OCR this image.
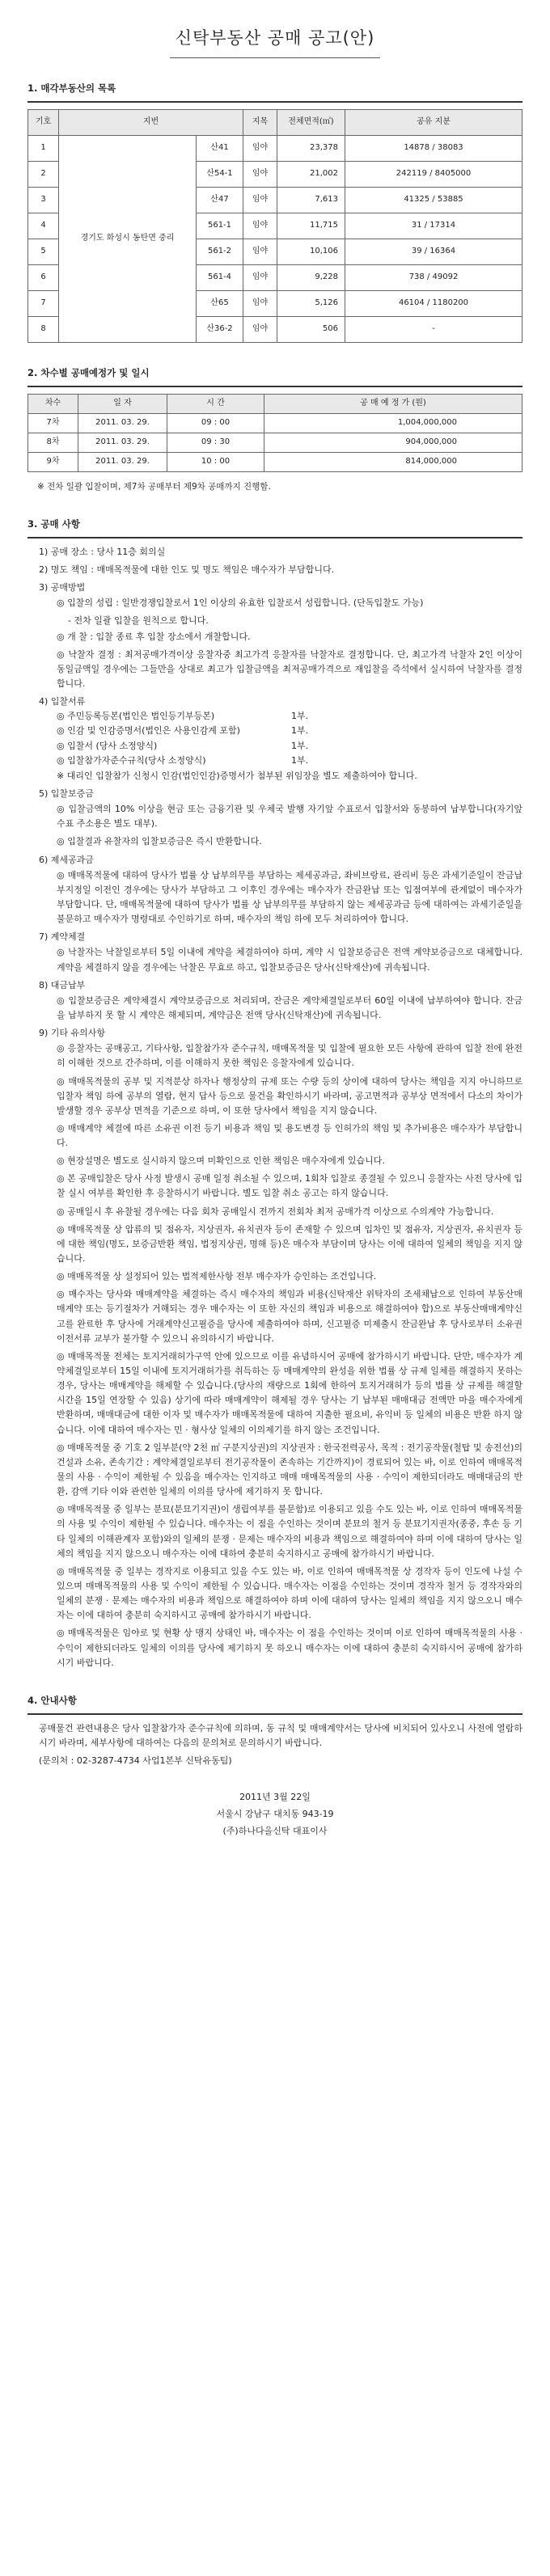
신탁부동산 공매 공고(안)
1. 매각부동산의 목록
기호	지번		지목	전체면적(㎡)	공유 지분
1	경기도 화성시 동탄면 중리	산41	임야	23,378	14878 / 38083
2		산54-1	임야	21,002	242119 / 8405000
3		산47	임야	7,613	41325 / 53885
4		561-1	임야	11,715	31 / 17314
5		561-2	임야	10,106	39 / 16364
6		561-4	임야	9,228	738 / 49092
7		산65	임야	5,126	46104 / 1180200
8		산36-2	임야	506	-
2. 차수별 공매예정가 및 일시
차수	일 자	시 간	공 매 예 정 가 (원)
7차	2011. 03. 29.	09 : 00	1,004,000,000
8차	2011. 03. 29.	09 : 30	904,000,000
9차	2011. 03. 29.	10 : 00	814,000,000
※ 전차 일괄 입찰이며, 제7차 공매부터 제9차 공매까지 진행함.
3. 공매 사항
1) 공매 장소 : 당사 11층 회의실
2) 명도 책임 : 매매목적물에 대한 인도 및 명도 책임은 매수자가 부담합니다.
3) 공매방법
◎ 입찰의 성립 : 일반경쟁입찰로서 1인 이상의 유효한 입찰로서 성립합니다. (단독입찰도 가능)
- 전차 일괄 입찰을 원칙으로 합니다.
◎ 개 찰 : 입찰 종료 후 입찰 장소에서 개찰합니다.
◎ 낙찰자 결정 : 최저공매가격이상 응찰자중 최고가격 응찰자를 낙찰자로 결정합니다. 단, 최고가격 낙찰자 2인 이상이 동일금액일 경우에는 그들만을 상대로 최고가 입찰금액을 최저공매가격으로 재입찰을 즉석에서 실시하여 낙찰자를 결정합니다.
4) 입찰서류
◎ 주민등록등본(법인은 법인등기부등본)	1부.
◎ 인감 및 인감증명서(법인은 사용인감계 포함)	1부.
◎ 입찰서 (당사 소정양식)	1부.
◎ 입찰참가자준수규칙(당사 소정양식)	1부.
※ 대리인 입찰참가 신청시 인감(법인인감)증명서가 첨부된 위임장을 별도 제출하여야 합니다.
5) 입찰보증금
◎ 입찰금액의 10% 이상을 현금 또는 금융기관 및 우체국 발행 자기앞 수표로서 입찰서와 동봉하여 납부합니다(자기앞수표 주소용은 별도 대부).
◎ 입찰결과 유찰자의 입찰보증금은 즉시 반환합니다.
6) 제세공과금
◎ 매매목적물에 대하여 당사가 법률 상 납부의무를 부담하는 제세공과금, 좌비브랑료, 관리비 등은 과세기준일이 잔금납부지정일 이전인 경우에는 당사가 부담하고 그 이후인 경우에는 매수자가 잔금완납 또는 입점여부에 관계없이 매수자가 부담합니다. 단, 매매목적물에 대하여 당사가 법률 상 납부의무를 부담하지 않는 제세공과금 등에 대하여는 과세기준일을 불문하고 매수자가 명령대로 수인하기로 하며, 매수자의 책임 하에 모두 처리하여야 합니다.
7) 계약체결
◎ 낙찰자는 낙찰일로부터 5일 이내에 계약을 체결하여야 하며, 계약 시 입찰보증금은 전액 계약보증금으로 대체합니다. 계약을 체결하지 않을 경우에는 낙찰은 무효로 하고, 입찰보증금은 당사(신탁재산)에 귀속됩니다.
8) 대금납부
◎ 입찰보증금은 계약체결시 계약보증금으로 처리되며, 잔금은 계약체결일로부터 60일 이내에 납부하여야 합니다. 잔금을 납부하지 못 할 시 계약은 해제되며, 계약금은 전액 당사(신탁재산)에 귀속됩니다.
9) 기타 유의사항
◎ 응찰자는 공매공고, 기타사항, 입찰참가자 준수규칙, 매매목적물 및 입찰에 필요한 모든 사항에 관하여 입찰 전에 완전히 이해한 것으로 간주하며, 이를 이해하지 못한 책임은 응찰자에게 있습니다.
◎ 매매목적물의 공부 및 지적분상 하자나 행정상의 규제 또는 수량 등의 상이에 대하여 당사는 책임을 지지 아니하므로 입찰자 책임 하에 공부의 열람, 현지 답사 등으로 물건을 확인하시기 바라며, 공고면적과 공부상 면적에서 다소의 차이가 발생할 경우 공부상 면적을 기준으로 하며, 이 또한 당사에서 책임을 지지 않습니다.
◎ 매매계약 체결에 따른 소유권 이전 등기 비용과 책임 및 용도변경 등 인허가의 책임 및 추가비용은 매수자가 부담합니다.
◎ 현장설명은 별도로 실시하지 않으며 미확인으로 인한 책임은 매수자에게 있습니다.
◎ 본 공매입찰은 당사 사정 발생시 공매 일정 취소될 수 있으며, 1회차 입찰로 종결될 수 있으니 응찰자는 사전 당사에 입찰 실시 여부를 확인한 후 응찰하시기 바랍니다. 별도 입찰 취소 공고는 하지 않습니다.
◎ 공매일시 후 유찰될 경우에는 다음 회차 공매일시 전까지 전회차 최저 공매가격 이상으로 수의계약 가능합니다.
◎ 매매목적물 상 압류의 및 점유자, 지상권자, 유치권자 등이 존재할 수 있으며 입차인 및 점유자, 지상권자, 유치권자 등에 대한 책임(명도, 보증금반환 책임, 법정지상권, 명해 등)은 매수자 부담이며 당사는 이에 대하여 일체의 책임을 지지 않습니다.
◎ 매매목적물 상 설정되어 있는 법적제한사항 전부 매수자가 승인하는 조건입니다.
◎ 매수자는 당사와 매매계약을 체결하는 즉시 매수자의 책임과 비용(신탁재산 위탁자의 조세채납으로 인하여 부동산매매계약 또는 등기절차가 거해되는 경우 매수자는 이 또한 자신의 책임과 비용으로 해결하여야 합)으로 부동산매매계약신고를 완료한 후 당사에 거래계약신고필증을 당사에 제출하여야 하며, 신고필증 미제출시 잔금완납 후 당사로부터 소유권이전서류 교부가 불가할 수 있으니 유의하시기 바랍니다.
◎ 매매목적물 전체는 토지거래허가구역 안에 있으므로 이를 유념하시어 공매에 참가하시기 바랍니다. 단만, 매수자가 계약체결일로부터 15일 이내에 토지거래허가를 취득하는 등 매매계약의 완성을 위한 법률 상 규제 일체를 해결하지 못하는 경우, 당사는 매매계약을 해제할 수 있습니다.(당사의 재량으로 1회에 한하여 토지거래허가 등의 법률 상 규제를 해결할 시간을 15일 연장할 수 있음) 상기에 따라 매매계약이 해제될 경우 당사는 기 납부된 매매대금 전액만 마을 매수자에게 반환하며, 매매대금에 대한 이자 및 매수자가 매매목적물에 대하여 지출한 필요비, 유익비 등 일체의 비용은 반환 하지 않습니다. 이에 대하여 매수자는 민 · 형사상 일체의 이의제기를 하지 않는 조건입니다.
◎ 매매목적물 중 기호 2 일부분(약 2천 ㎡ 구분지상권)의 지상권자 : 한국전력공사, 목적 : 전기공작물(철탑 및 송전선)의 건설과 소유, 존속기간 : 계약체결일로부터 전기공작물이 존속하는 기간까지)이 경료되어 있는 바, 이로 인하여 매매목적물의 사용 · 수익이 제한될 수 있음을 매수자는 인지하고 매매 매매목적물의 사용 · 수익이 제한되더라도 매매대금의 반환, 감액 기타 이와 관련한 일체의 이의를 당사에 제기하지 못 합니다.
◎ 매매목적물 중 일부는 분묘(분묘기지권)이 생립여부를 불문함)로 이용되고 있을 수도 있는 바, 이로 인하여 매매목적물의 사용 및 수익이 제한될 수 있습니다. 매수자는 이 점을 수인하는 것이며 분묘의 철거 등 분묘기지권자(종중, 후손 등 기타 일체의 이해관계자 포함)와의 일체의 분쟁 · 문제는 매수자의 비용과 책임으로 해결하여야 하며 이에 대하여 당사는 일체의 책임을 지지 않으오니 매수자는 이에 대하여 충분히 숙지하시고 공매에 참가하시기 바랍니다.
◎ 매매목적물 중 일부는 경작지로 이용되고 있을 수도 있는 바, 이로 인하여 매매목적물 상 경작자 등이 인도에 나설 수 있으며 매매목적물의 사용 및 수익이 제한될 수 있습니다. 매수자는 이점을 수인하는 것이며 경작자 철거 등 경작자와의 일체의 분쟁 · 문제는 매수자의 비용과 책임으로 해결하여야 하며 이에 대하여 당사는 일체의 책임을 지지 않으오니 매수자는 이에 대하여 충분히 숙지하시고 공매에 참가하시기 바랍니다.
◎ 매매목적물은 임야로 및 현황 상 맹지 상태인 바, 매수자는 이 점을 수인하는 것이며 이로 인하여 매매목적물의 사용 · 수익이 제한되더라도 일체의 이의를 당사에 제기하지 못 하오니 매수자는 이에 대하여 충분히 숙지하시어 공매에 참가하시기 바랍니다.
4. 안내사항
공매물건 관련내용은 당사 입찰참가자 준수규칙에 의하며, 동 규칙 및 매매계약서는 당사에 비치되어 있사오니 사전에 열람하시기 바라며, 세부사항에 대하여는 다음의 문의처로 문의하시기 바랍니다.
(문의처 : 02-3287-4734 사업1본부 신탁유동팀)
2011년 3월 22일
서울시 강남구 대치동 943-19
(주)하나다올신탁 대표이사
